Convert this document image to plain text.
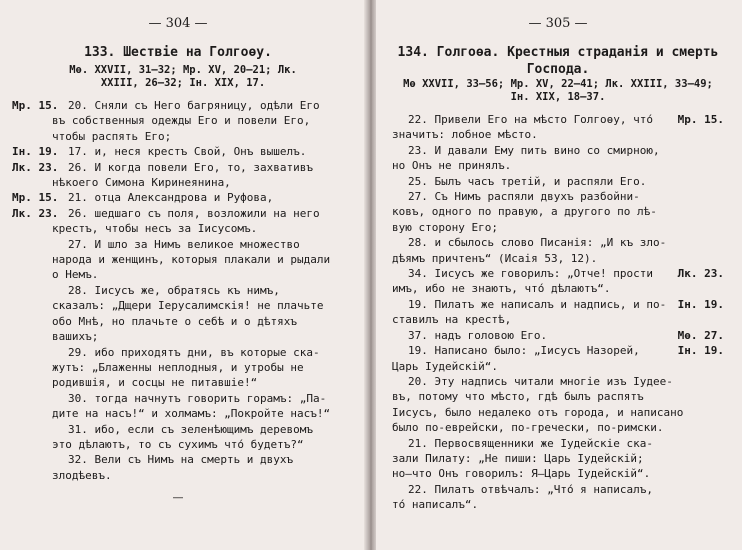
— 304 —
133. Шествіе на Голгоѳу.
Мѳ. XXVII, 31—32; Мр. XV, 20—21; Лк. XXIII, 26—32; Ін. XIX, 17.
Мр. 15. 20. Сняли съ Него багряницу, одѣли Его
въ собственныя одежды Его и повели Его,
чтобы распять Его;
Ін. 19. 17. и, неся крестъ Свой, Онъ вышелъ.
Лк. 23. 26. И когда повели Его, то, захвативъ
нѣкоего Симона Киринеянина,
Мр. 15. 21. отца Александрова и Руфова,
Лк. 23. 26. шедшаго съ поля, возложили на него
крестъ, чтобы несъ за Іисусомъ.
27. И шло за Нимъ великое множество
народа и женщинъ, которыя плакали и рыдали
о Немъ.
28. Іисусъ же, обратясь къ нимъ,
сказалъ: „Дщери Іерусалимскія! не плачьте
обо Мнѣ, но плачьте о себѣ и о дѣтяхъ
вашихъ;
29. ибо приходятъ дни, въ которые ска-
жутъ: „Блаженны неплодныя, и утробы не
родившія, и сосцы не питавшіе!“
30. тогда начнутъ говорить горамъ: „Па-
дите на насъ!“ и холмамъ: „Покройте насъ!“
31. ибо, если съ зеленѣющимъ деревомъ
это дѣлаютъ, то съ сухимъ что́ будетъ?“
32. Вели съ Нимъ на смерть и двухъ
злодѣевъ.
—
— 305 —
134. Голгоѳа. Крестныя страданія и смерть Господа.
Мѳ XXVII, 33—56; Мр. XV, 22—41; Лк. XXIII, 33—49; Ін. XIX, 18—37.
Мр. 15.
22. Привели Его на мѣсто Голгоѳу, что́
значитъ: лобное мѣсто.
23. И давали Ему пить вино со смирною,
но Онъ не принялъ.
25. Былъ часъ третій, и распяли Его.
27. Съ Нимъ распяли двухъ разбойни-
ковъ, одного по правую, а другого по лѣ-
вую сторону Его;
28. и сбылось слово Писанія: „И къ зло-
дѣямъ причтенъ“ (Исаія 53, 12).
Лк. 23.
34. Іисусъ же говорилъ: „Отче! прости
имъ, ибо не знаютъ, что́ дѣлаютъ“.
Ін. 19.
19. Пилатъ же написалъ и надпись, и по-
ставилъ на крестѣ,
Мѳ. 27.
37. надъ головою Его.
Ін. 19.
19. Написано было: „Іисусъ Назорей,
Царь Іудейскій“.
20. Эту надпись читали многіе изъ Іудее-
въ, потому что мѣсто, гдѣ былъ распятъ
Іисусъ, было недалеко отъ города, и написано
было по-еврейски, по-гречески, по-римски.
21. Первосвященники же Іудейскіе ска-
зали Пилату: „Не пиши: Царь Іудейскій;
но—что Онъ говорилъ: Я—Царь Іудейскій“.
22. Пилатъ отвѣчалъ: „Что́ я написалъ,
то́ написалъ“.
